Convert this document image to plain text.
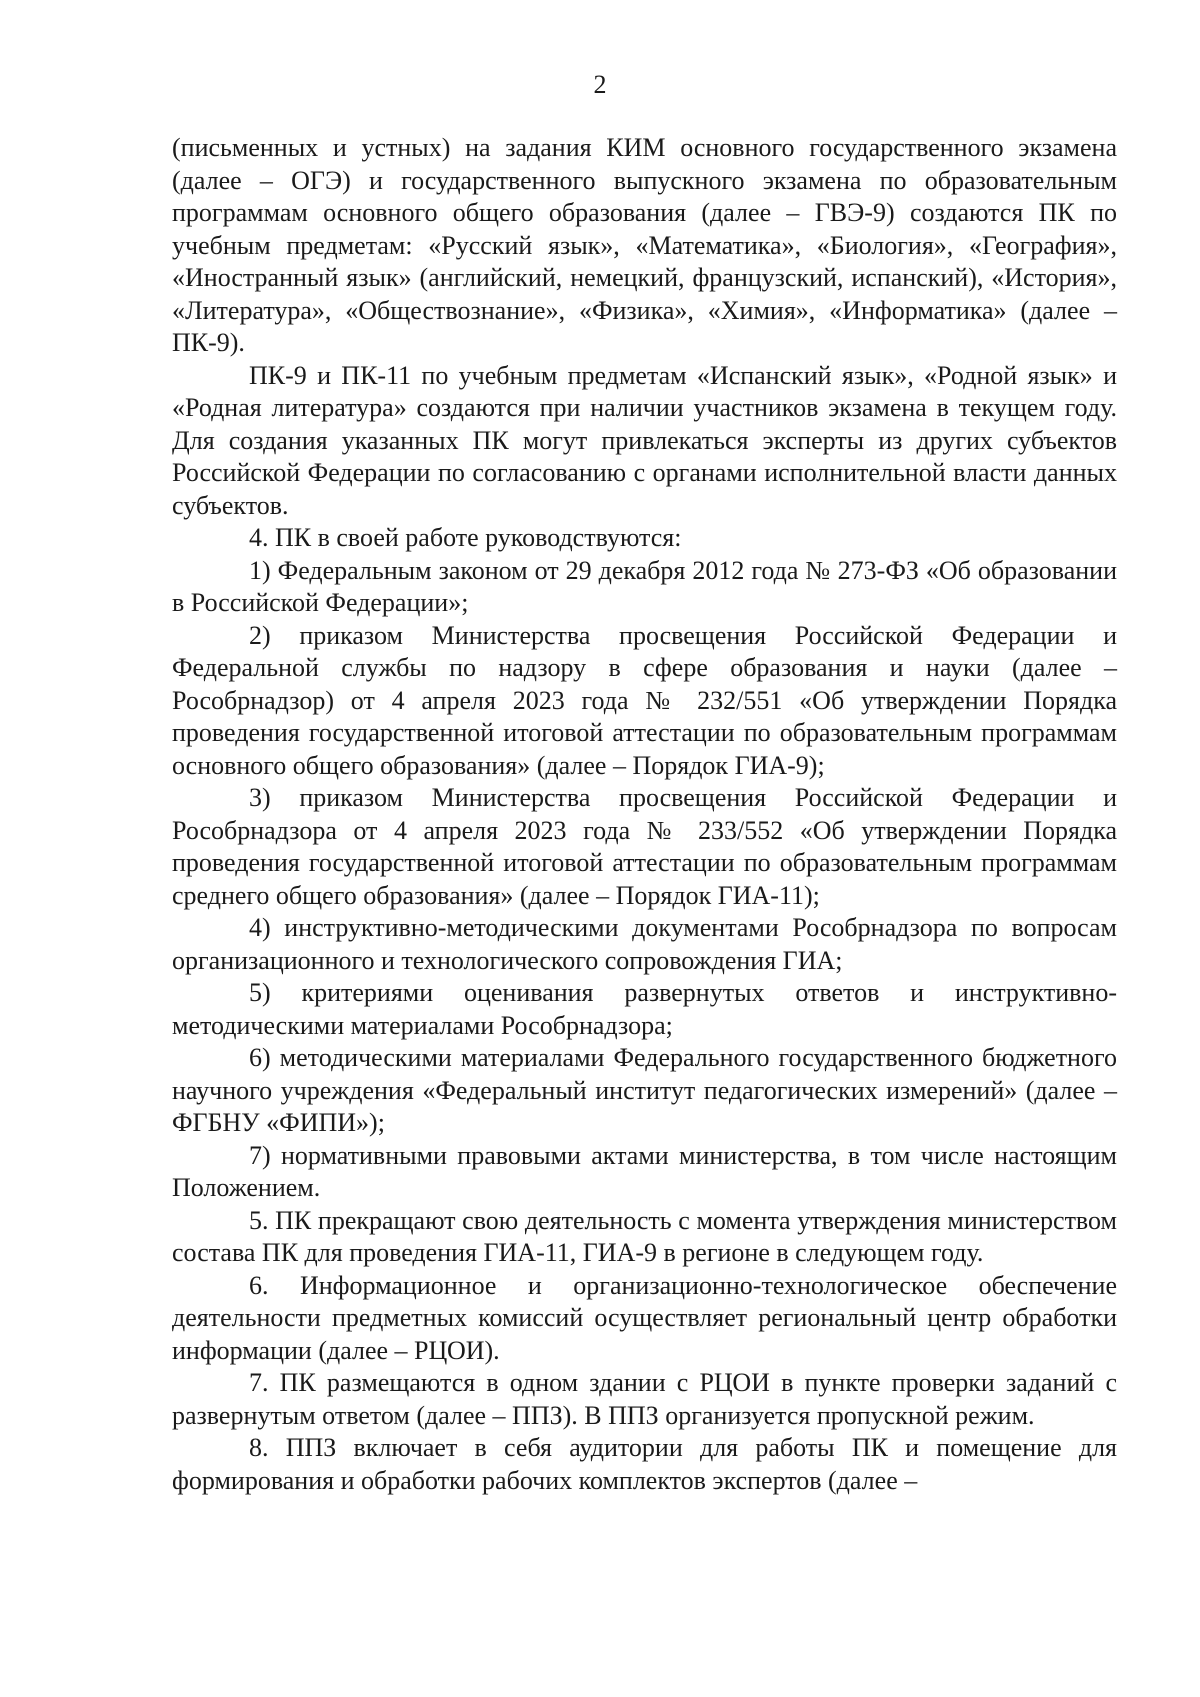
2

(письменных и устных) на задания КИМ основного государственного экзамена (далее – ОГЭ) и государственного выпускного экзамена по образовательным программам основного общего образования (далее – ГВЭ-9) создаются ПК по учебным предметам: «Русский язык», «Математика», «Биология», «География», «Иностранный язык» (английский, немецкий, французский, испанский), «История», «Литература», «Обществознание», «Физика», «Химия», «Информатика» (далее – ПК-9).

ПК-9 и ПК-11 по учебным предметам «Испанский язык», «Родной язык» и «Родная литература» создаются при наличии участников экзамена в текущем году. Для создания указанных ПК могут привлекаться эксперты из других субъектов Российской Федерации по согласованию с органами исполнительной власти данных субъектов.

4. ПК в своей работе руководствуются:

1) Федеральным законом от 29 декабря 2012 года № 273-ФЗ «Об образовании в Российской Федерации»;

2) приказом Министерства просвещения Российской Федерации и Федеральной службы по надзору в сфере образования и науки (далее – Рособрнадзор) от 4 апреля 2023 года № 232/551 «Об утверждении Порядка проведения государственной итоговой аттестации по образовательным программам основного общего образования» (далее – Порядок ГИА-9);

3) приказом Министерства просвещения Российской Федерации и Рособрнадзора от 4 апреля 2023 года № 233/552 «Об утверждении Порядка проведения государственной итоговой аттестации по образовательным программам среднего общего образования» (далее – Порядок ГИА-11);

4) инструктивно-методическими документами Рособрнадзора по вопросам организационного и технологического сопровождения ГИА;

5) критериями оценивания развернутых ответов и инструктивно-методическими материалами Рособрнадзора;

6) методическими материалами Федерального государственного бюджетного научного учреждения «Федеральный институт педагогических измерений» (далее – ФГБНУ «ФИПИ»);

7) нормативными правовыми актами министерства, в том числе настоящим Положением.

5. ПК прекращают свою деятельность с момента утверждения министерством состава ПК для проведения ГИА-11, ГИА-9 в регионе в следующем году.

6. Информационное и организационно-технологическое обеспечение деятельности предметных комиссий осуществляет региональный центр обработки информации (далее – РЦОИ).

7. ПК размещаются в одном здании с РЦОИ в пункте проверки заданий с развернутым ответом (далее – ППЗ). В ППЗ организуется пропускной режим.

8. ППЗ включает в себя аудитории для работы ПК и помещение для формирования и обработки рабочих комплектов экспертов (далее –
